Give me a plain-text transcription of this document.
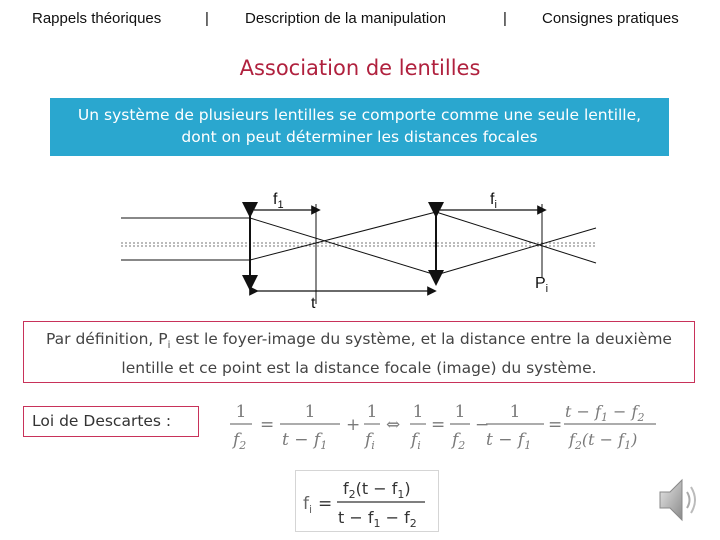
Rappels théoriques	| Description de la manipulation	| Consignes pratiques
Association de lentilles
Un système de plusieurs lentilles se comporte comme une seule lentille,
dont on peut déterminer les distances focales
$f_1$	$f_i$
t
$P_i$
Par définition, $P_i$ est le foyer-image du système, et la distance entre la deuxième
lentille et ce point est la distance focale (image) du système.
Loi de Descartes :	1
$f_2$
=
1
$t - f_1$
+
1
$f_i$
⇔
1
$f_i$
=
1
$f_2$
−
1
$t - f_1$
=
$t - f_1 - f_2$
$f_2(t - f_1)$
$f_i$ =
$f_2(t - f_1)$
$t - f_1 - f_2$
